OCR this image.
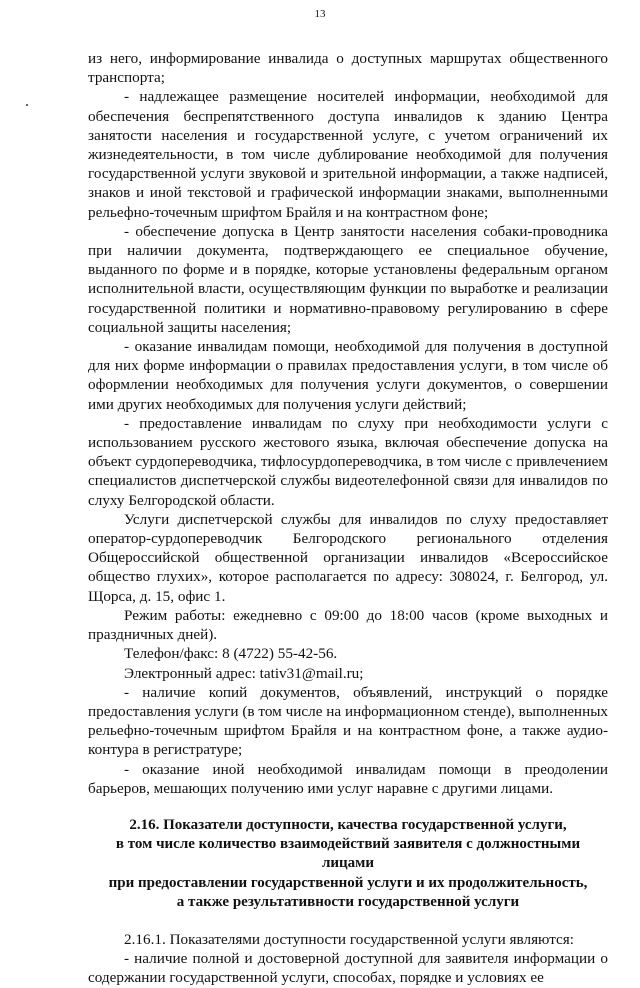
13

из него, информирование инвалида о доступных маршрутах общественного транспорта;

- надлежащее размещение носителей информации, необходимой для обеспечения беспрепятственного доступа инвалидов к зданию Центра занятости населения и государственной услуге, с учетом ограничений их жизнедеятельности, в том числе дублирование необходимой для получения государственной услуги звуковой и зрительной информации, а также надписей, знаков и иной текстовой и графической информации знаками, выполненными рельефно-точечным шрифтом Брайля и на контрастном фоне;

- обеспечение допуска в Центр занятости населения собаки-проводника при наличии документа, подтверждающего ее специальное обучение, выданного по форме и в порядке, которые установлены федеральным органом исполнительной власти, осуществляющим функции по выработке и реализации государственной политики и нормативно-правовому регулированию в сфере социальной защиты населения;

- оказание инвалидам помощи, необходимой для получения в доступной для них форме информации о правилах предоставления услуги, в том числе об оформлении необходимых для получения услуги документов, о совершении ими других необходимых для получения услуги действий;

- предоставление инвалидам по слуху при необходимости услуги с использованием русского жестового языка, включая обеспечение допуска на объект сурдопереводчика, тифлосурдопереводчика, в том числе с привлечением специалистов диспетчерской службы видеотелефонной связи для инвалидов по слуху Белгородской области.

Услуги диспетчерской службы для инвалидов по слуху предоставляет оператор-сурдопереводчик Белгородского регионального отделения Общероссийской общественной организации инвалидов «Всероссийское общество глухих», которое располагается по адресу: 308024, г. Белгород, ул. Щорса, д. 15, офис 1.

Режим работы: ежедневно с 09:00 до 18:00 часов (кроме выходных и праздничных дней).

Телефон/факс: 8 (4722) 55-42-56.

Электронный адрес: tativ31@mail.ru;

- наличие копий документов, объявлений, инструкций о порядке предоставления услуги (в том числе на информационном стенде), выполненных рельефно-точечным шрифтом Брайля и на контрастном фоне, а также аудио-контура в регистратуре;

- оказание иной необходимой инвалидам помощи в преодолении барьеров, мешающих получению ими услуг наравне с другими лицами.

2.16. Показатели доступности, качества государственной услуги,
в том числе количество взаимодействий заявителя с должностными лицами
при предоставлении государственной услуги и их продолжительность,
а также результативности государственной услуги

2.16.1. Показателями доступности государственной услуги являются:

- наличие полной и достоверной доступной для заявителя информации о содержании государственной услуги, способах, порядке и условиях ее
